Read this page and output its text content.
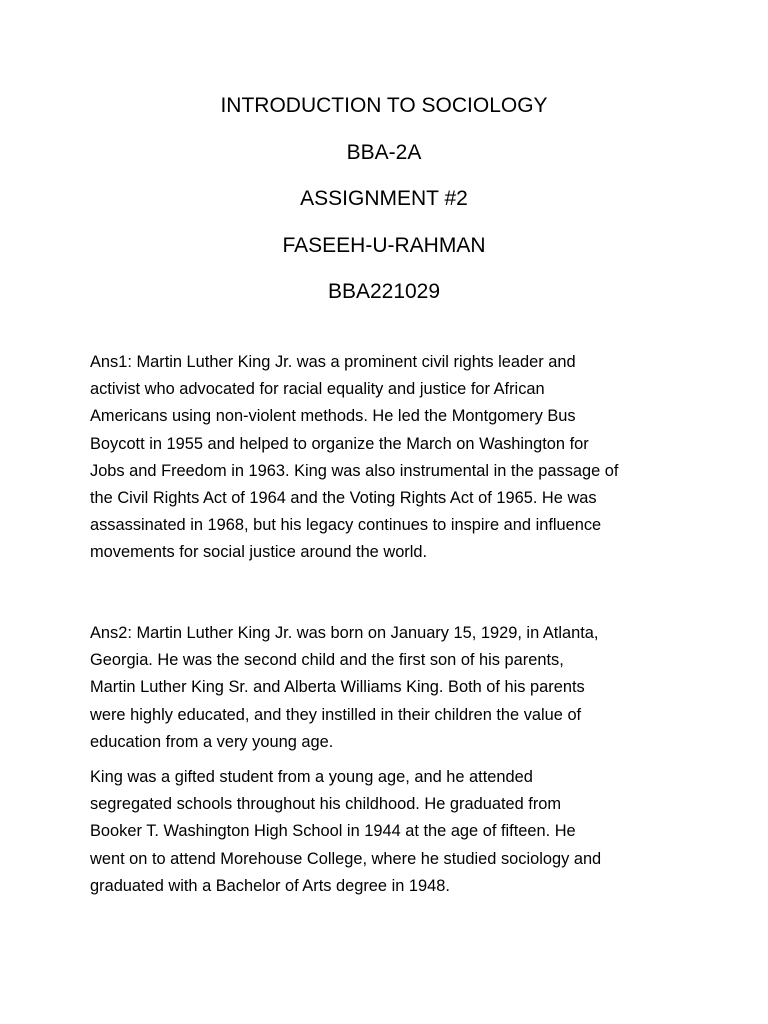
INTRODUCTION TO SOCIOLOGY
BBA-2A
ASSIGNMENT #2
FASEEH-U-RAHMAN
BBA221029
Ans1: Martin Luther King Jr. was a prominent civil rights leader and
activist who advocated for racial equality and justice for African
Americans using non-violent methods. He led the Montgomery Bus
Boycott in 1955 and helped to organize the March on Washington for
Jobs and Freedom in 1963. King was also instrumental in the passage of
the Civil Rights Act of 1964 and the Voting Rights Act of 1965. He was
assassinated in 1968, but his legacy continues to inspire and influence
movements for social justice around the world.
Ans2: Martin Luther King Jr. was born on January 15, 1929, in Atlanta,
Georgia. He was the second child and the first son of his parents,
Martin Luther King Sr. and Alberta Williams King. Both of his parents
were highly educated, and they instilled in their children the value of
education from a very young age.
King was a gifted student from a young age, and he attended
segregated schools throughout his childhood. He graduated from
Booker T. Washington High School in 1944 at the age of fifteen. He
went on to attend Morehouse College, where he studied sociology and
graduated with a Bachelor of Arts degree in 1948.
